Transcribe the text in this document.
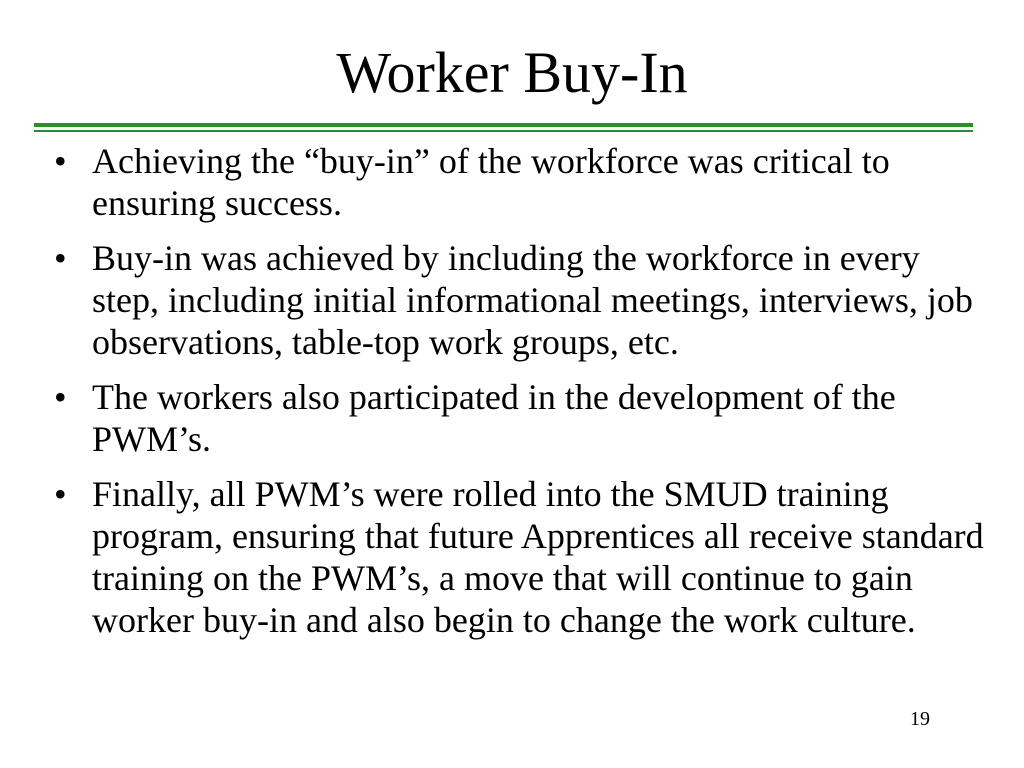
Worker Buy-In
• Achieving the “buy-in” of the workforce was critical to ensuring success.
• Buy-in was achieved by including the workforce in every step, including initial informational meetings, interviews, job observations, table-top work groups, etc.
• The workers also participated in the development of the PWM’s.
• Finally, all PWM’s were rolled into the SMUD training program, ensuring that future Apprentices all receive standard training on the PWM’s, a move that will continue to gain worker buy-in and also begin to change the work culture.
19
